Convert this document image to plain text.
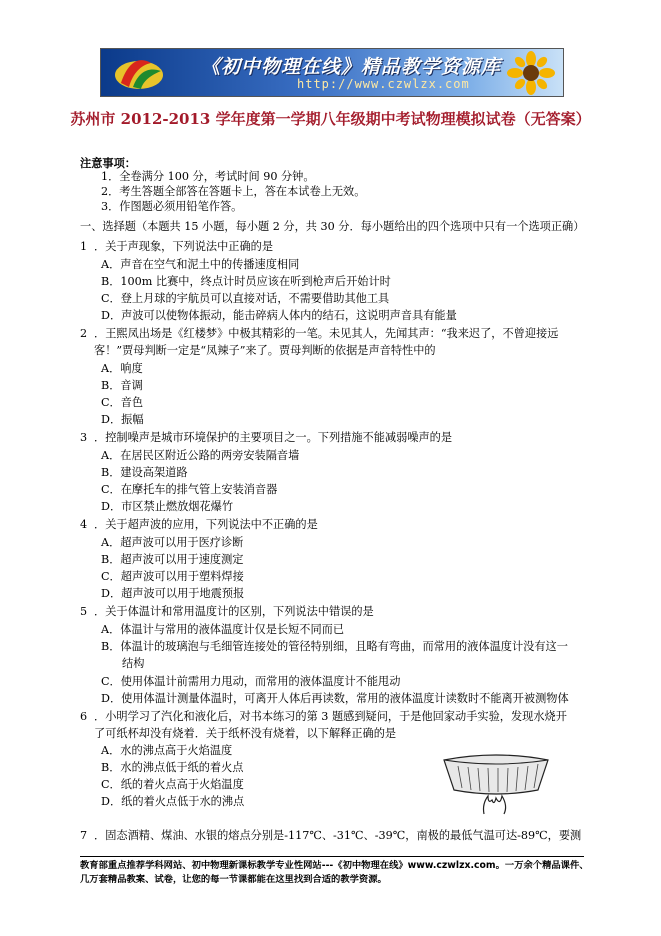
《初中物理在线》精品教学资源库
http://www.czwlzx.com
苏州市 2012-2013 学年度第一学期八年级期中考试物理模拟试卷（无答案）
注意事项：
1．全卷满分 100 分，考试时间 90 分钟。
2．考生答题全部答在答题卡上，答在本试卷上无效。
3．作图题必须用铅笔作答。
一、选择题（本题共 15 小题，每小题 2 分，共 30 分．每小题给出的四个选项中只有一个选项正确）
1 ．关于声现象，下列说法中正确的是
A．声音在空气和泥土中的传播速度相同
B．100m 比赛中，终点计时员应该在听到枪声后开始计时
C．登上月球的宇航员可以直接对话，不需要借助其他工具
D．声波可以使物体振动，能击碎病人体内的结石，这说明声音具有能量
2 ．王熙凤出场是《红楼梦》中极其精彩的一笔。未见其人，先闻其声：“我来迟了，不曾迎接远
客！”贾母判断一定是“凤辣子”来了。贾母判断的依据是声音特性中的
A．响度
B．音调
C．音色
D．振幅
3 ．控制噪声是城市环境保护的主要项目之一。下列措施不能减弱噪声的是
A．在居民区附近公路的两旁安装隔音墙
B．建设高架道路
C．在摩托车的排气管上安装消音器
D．市区禁止燃放烟花爆竹
4 ．关于超声波的应用，下列说法中不正确的是
A．超声波可以用于医疗诊断
B．超声波可以用于速度测定
C．超声波可以用于塑料焊接
D．超声波可以用于地震预报
5 ．关于体温计和常用温度计的区别，下列说法中错误的是
A．体温计与常用的液体温度计仅是长短不同而已
B．体温计的玻璃泡与毛细管连接处的管径特别细，且略有弯曲，而常用的液体温度计没有这一
结构
C．使用体温计前需用力甩动，而常用的液体温度计不能甩动
D．使用体温计测量体温时，可离开人体后再读数，常用的液体温度计读数时不能离开被测物体
6 ．小明学习了汽化和液化后，对书本练习的第 3 题感到疑问，于是他回家动手实验，发现水烧开
了可纸杯却没有烧着．关于纸杯没有烧着，以下解释正确的是
A．水的沸点高于火焰温度
B．水的沸点低于纸的着火点
C．纸的着火点高于火焰温度
D．纸的着火点低于水的沸点
7 ．固态酒精、煤油、水银的熔点分别是-117℃、-31℃、-39℃，南极的最低气温可达-89℃，要测
教育部重点推荐学科网站、初中物理新课标教学专业性网站---《初中物理在线》www.czwlzx.com。一万余个精品课件、
几万套精品教案、试卷，让您的每一节课都能在这里找到合适的教学资源。
